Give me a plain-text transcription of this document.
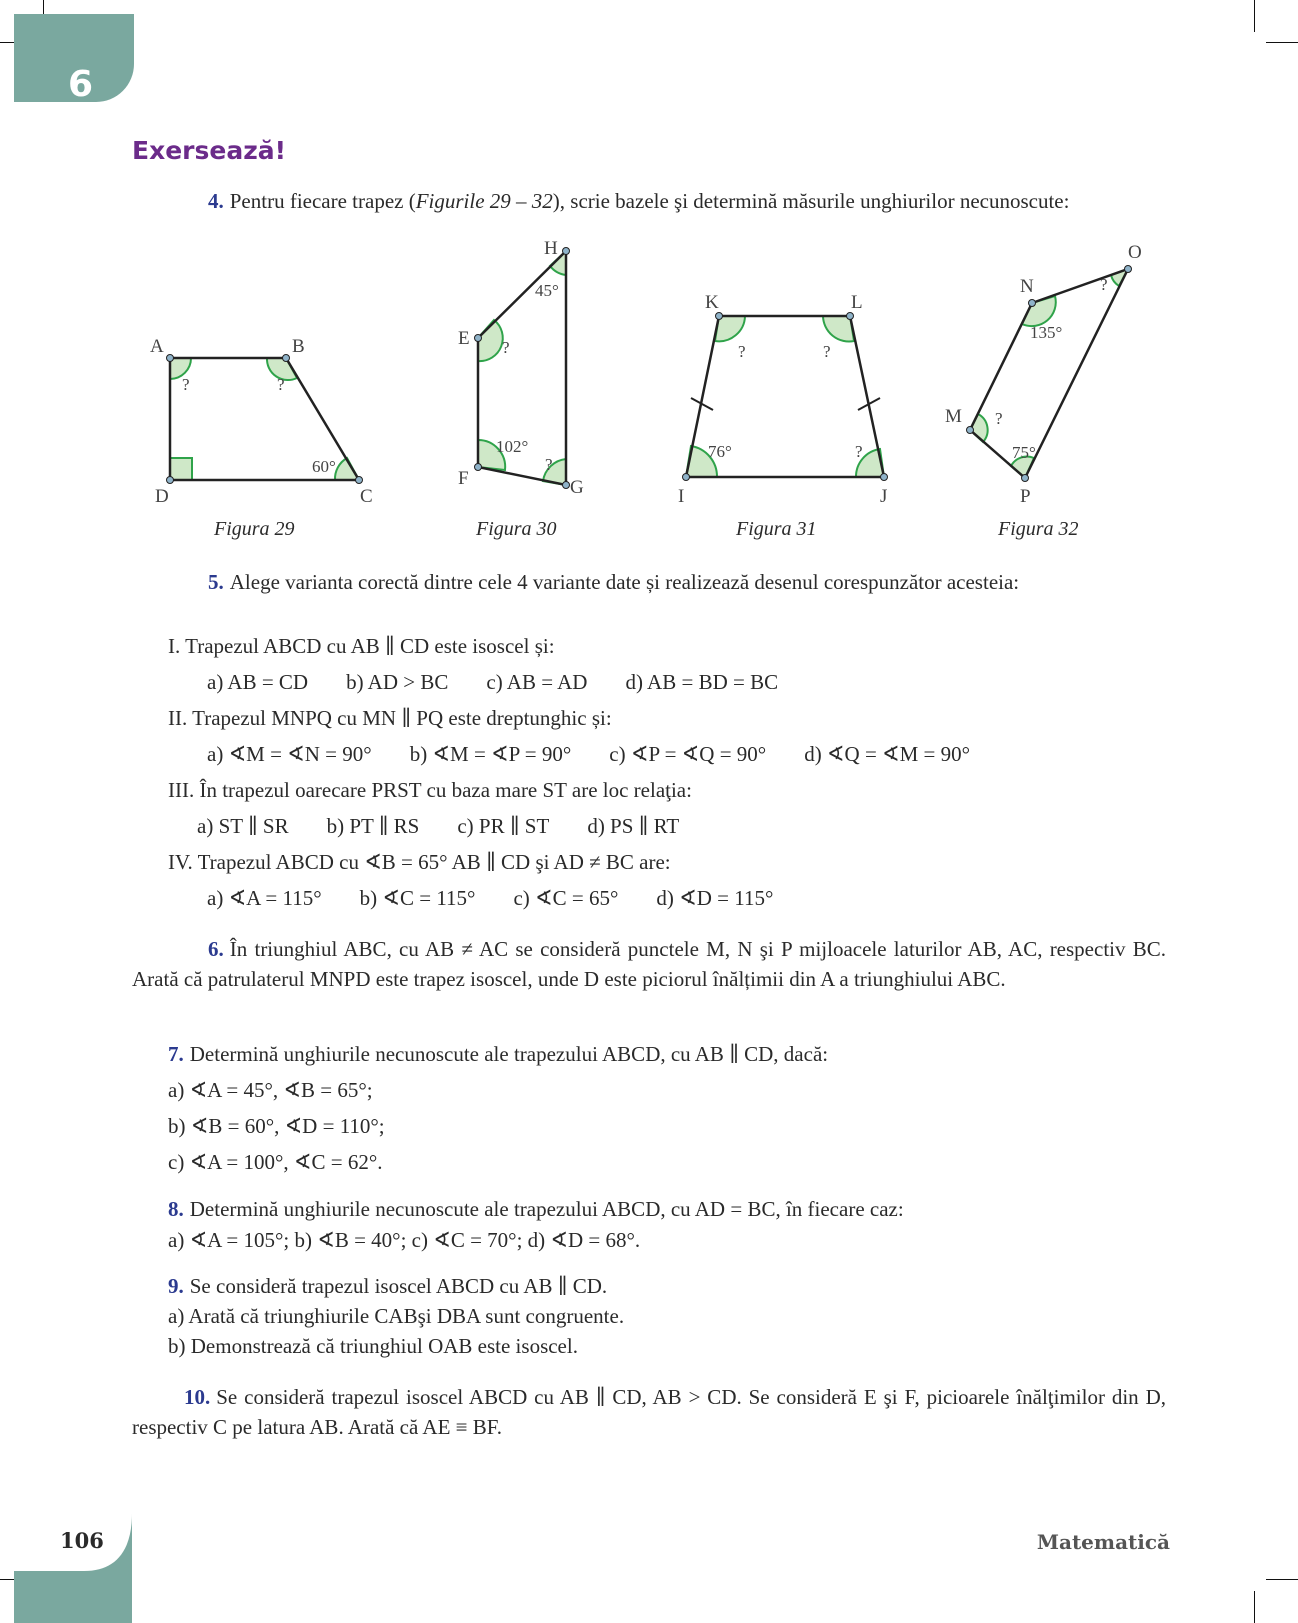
6
Exersează!
4. Pentru fiecare trapez (Figurile 29 – 32), scrie bazele şi determină măsurile unghiurilor necunoscute:
A	B
C
D
?	?
60°
H
E
F	G
45°
?
102°
?
K	L
I	J
?	?
76°	?
N
O
M
P
135°
?
?
75°
Figura 29	Figura 30	Figura 31	Figura 32
5. Alege varianta corectă dintre cele 4 variante date și realizează desenul corespunzător acesteia:
I. Trapezul ABCD cu AB ∥ CD este isoscel și:
a) AB = CD b) AD > BC c) AB = AD d) AB = BD = BC
II. Trapezul MNPQ cu MN ∥ PQ este dreptunghic și:
a) ∢M = ∢N = 90° b) ∢M = ∢P = 90° c) ∢P = ∢Q = 90° d) ∢Q = ∢M = 90°
III. În trapezul oarecare PRST cu baza mare ST are loc relaţia:
a) ST ∥ SR b) PT ∥ RS c) PR ∥ ST d) PS ∥ RT
IV. Trapezul ABCD cu ∢B = 65° AB ∥ CD şi AD ≠ BC are:
a) ∢A = 115° b) ∢C = 115° c) ∢C = 65° d) ∢D = 115°
6. În triunghiul ABC, cu AB ≠ AC se consideră punctele M, N şi P mijloacele laturilor AB, AC, respectiv BC. Arată că patrulaterul MNPD este trapez isoscel, unde D este piciorul înălțimii din A a triunghiului ABC.
7. Determină unghiurile necunoscute ale trapezului ABCD, cu AB ∥ CD, dacă:
a) ∢A = 45°, ∢B = 65°;
b) ∢B = 60°, ∢D = 110°;
c) ∢A = 100°, ∢C = 62°.
8. Determină unghiurile necunoscute ale trapezului ABCD, cu AD = BC, în fiecare caz:
a) ∢A = 105°; b) ∢B = 40°; c) ∢C = 70°; d) ∢D = 68°.
9. Se consideră trapezul isoscel ABCD cu AB ∥ CD.
a) Arată că triunghiurile CABşi DBA sunt congruente.
b) Demonstrează că triunghiul OAB este isoscel.
10. Se consideră trapezul isoscel ABCD cu AB ∥ CD, AB > CD. Se consideră E şi F, picioarele înălţimilor din D, respectiv C pe latura AB. Arată că AE ≡ BF.
106	Matematică
